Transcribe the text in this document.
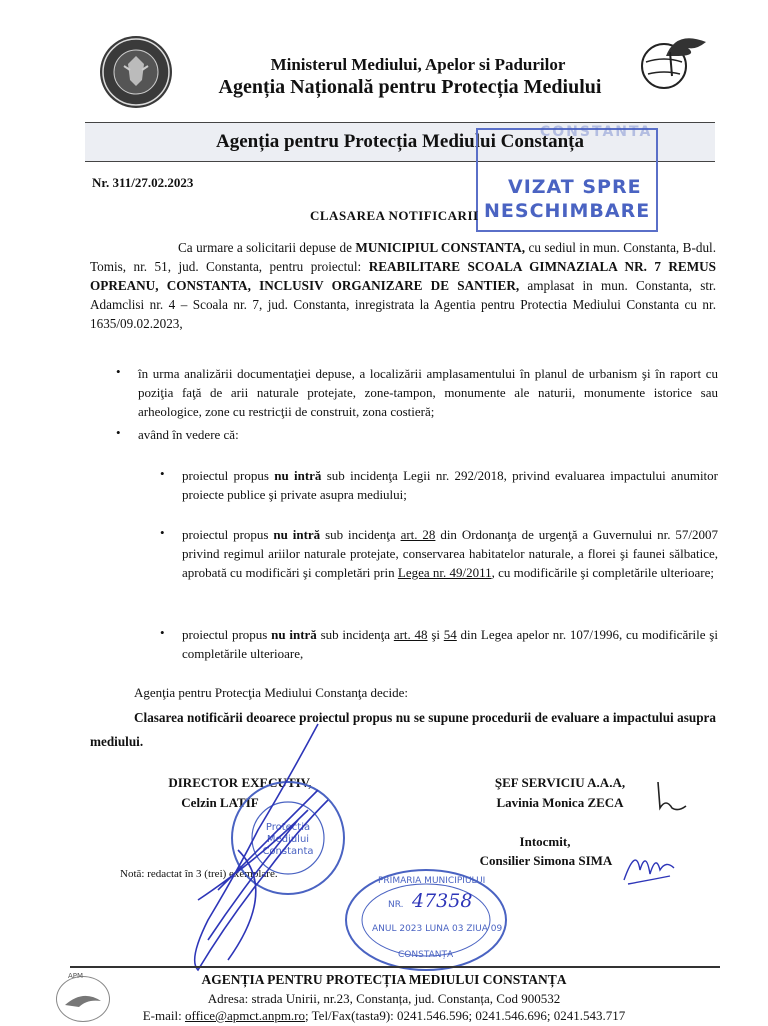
Ministerul Mediului, Apelor si Padurilor
Agenția Națională pentru Protecția Mediului
Agenția pentru Protecția Mediului Constanța
CONSTANTA
VIZAT SPRE
NESCHIMBARE
Nr. 311/27.02.2023
CLASAREA NOTIFICARII
Ca urmare a solicitarii depuse de MUNICIPIUL CONSTANTA, cu sediul in mun. Constanta, B-dul. Tomis, nr. 51, jud. Constanta, pentru proiectul: REABILITARE SCOALA GIMNAZIALA NR. 7 REMUS OPREANU, CONSTANTA, INCLUSIV ORGANIZARE DE SANTIER, amplasat in mun. Constanta, str. Adamclisi nr. 4 – Scoala nr. 7, jud. Constanta, inregistrata la Agentia pentru Protectia Mediului Constanta cu nr. 1635/09.02.2023,
• în urma analizării documentaţiei depuse, a localizării amplasamentului în planul de urbanism şi în raport cu poziţia faţă de arii naturale protejate, zone-tampon, monumente ale naturii, monumente istorice sau arheologice, zone cu restricţii de construit, zona costieră;
• având în vedere că:
• proiectul propus nu intră sub incidenţa Legii nr. 292/2018, privind evaluarea impactului anumitor proiecte publice şi private asupra mediului;
• proiectul propus nu intră sub incidenţa art. 28 din Ordonanţa de urgenţă a Guvernului nr. 57/2007 privind regimul ariilor naturale protejate, conservarea habitatelor naturale, a florei şi faunei sălbatice, aprobată cu modificări şi completări prin Legea nr. 49/2011, cu modificările şi completările ulterioare;
• proiectul propus nu intră sub incidenţa art. 48 şi 54 din Legea apelor nr. 107/1996, cu modificările şi completările ulterioare,
Agenţia pentru Protecţia Mediului Constanţa decide:
Clasarea notificării deoarece proiectul propus nu se supune procedurii de evaluare a impactului asupra mediului.
DIRECTOR EXECUTIV,
Celzin LATIF
ŞEF SERVICIU A.A.A,
Lavinia Monica ZECA
Intocmit,
Consilier Simona SIMA
Notă: redactat în 3 (trei) exemplare.
Protectia Mediului Constanta
PRIMARIA MUNICIPIULUI
NR. 47358
ANUL 2023 LUNA 03 ZIUA 09
CONSTANȚA
APM	AGENȚIA PENTRU PROTECȚIA MEDIULUI CONSTANȚA
Adresa: strada Unirii, nr.23, Constanța, jud. Constanța, Cod 900532
E-mail: office@apmct.anpm.ro; Tel/Fax(tasta9): 0241.546.596; 0241.546.696; 0241.543.717
